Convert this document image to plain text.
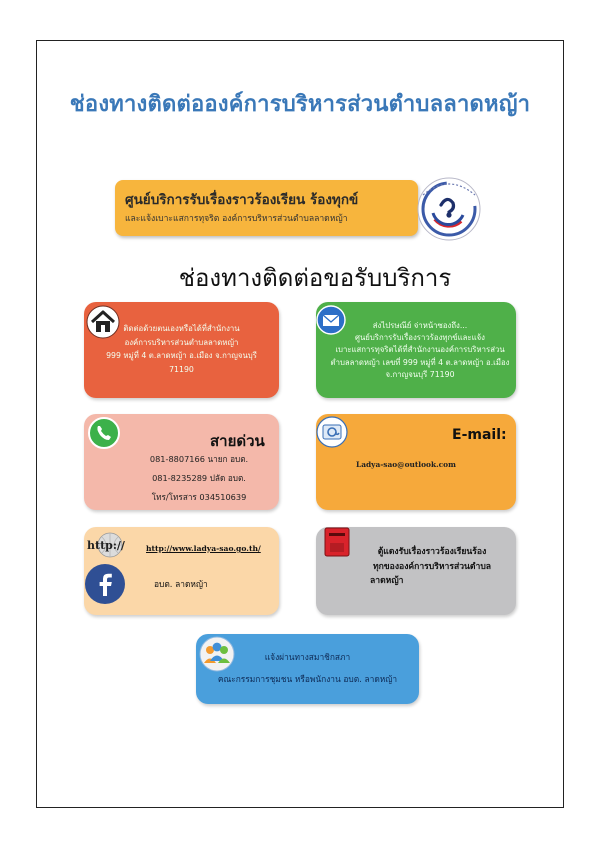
ช่องทางติดต่อองค์การบริหารส่วนตำบลลาดหญ้า
ศูนย์บริการรับเรื่องราวร้องเรียน ร้องทุกข์
และแจ้งเบาะแสการทุจริต องค์การบริหารส่วนตำบลลาดหญ้า
ช่องทางติดต่อขอรับบริการ
ติดต่อด้วยตนเองหรือได้ที่สำนักงาน
องค์การบริหารส่วนตำบลลาดหญ้า
999 หมู่ที่ 4 ต.ลาดหญ้า อ.เมือง จ.กาญจนบุรี
71190
ส่งไปรษณีย์ จ่าหน้าซองถึง...
ศูนย์บริการรับเรื่องราวร้องทุกข์และแจ้ง
เบาะแสการทุจริตได้ที่สำนักงานองค์การบริหารส่วน
ตำบลลาดหญ้า เลขที่ 999 หมู่ที่ 4 ต.ลาดหญ้า อ.เมือง
จ.กาญจนบุรี 71190
สายด่วน
081-8807166 นายก อบต.
081-8235289 ปลัด อบต.
โทร/โทรสาร 034510639
E-mail:
Ladya-sao@outlook.com
http://	http://www.ladya-sao.go.th/
อบต. ลาดหญ้า
ตู้แดงรับเรื่องราวร้องเรียนร้อง
ทุกขององค์การบริหารส่วนตำบล
ลาดหญ้า
แจ้งผ่านทางสมาชิกสภา
คณะกรรมการชุมชน หรือพนักงาน อบต. ลาดหญ้า
